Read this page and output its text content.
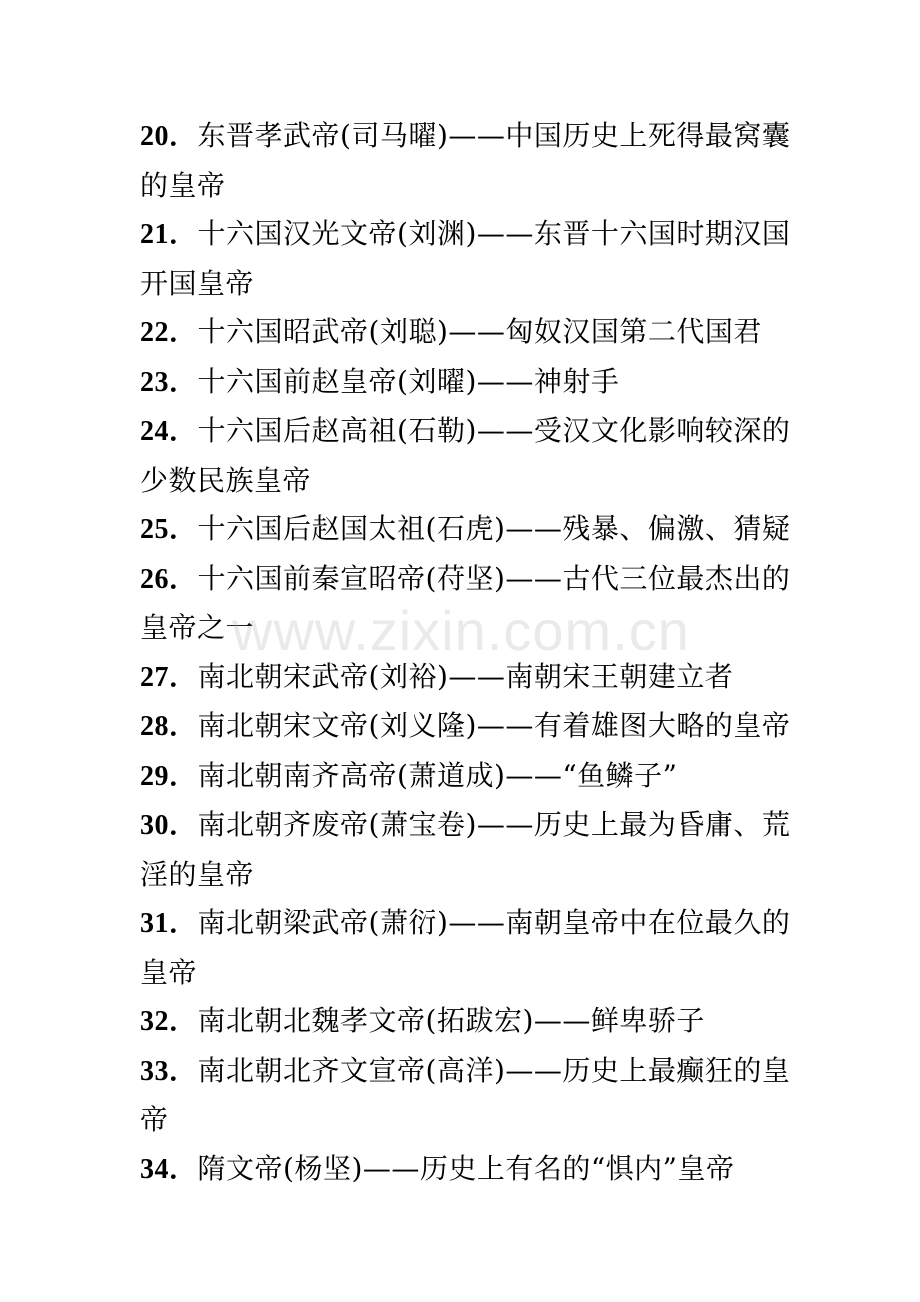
20．东晋孝武帝(司马曜)——中国历史上死得最窝囊
的皇帝
21．十六国汉光文帝(刘渊)——东晋十六国时期汉国
开国皇帝
22．十六国昭武帝(刘聪)——匈奴汉国第二代国君
23．十六国前赵皇帝(刘曜)——神射手
24．十六国后赵高祖(石勒)——受汉文化影响较深的
少数民族皇帝
25．十六国后赵国太祖(石虎)——残暴、偏激、猜疑
26．十六国前秦宣昭帝(苻坚)——古代三位最杰出的
皇帝之一
27．南北朝宋武帝(刘裕)——南朝宋王朝建立者
28．南北朝宋文帝(刘义隆)——有着雄图大略的皇帝
29．南北朝南齐高帝(萧道成)——“鱼鳞子”
30．南北朝齐废帝(萧宝卷)——历史上最为昏庸、荒
淫的皇帝
31．南北朝梁武帝(萧衍)——南朝皇帝中在位最久的
皇帝
32．南北朝北魏孝文帝(拓跋宏)——鲜卑骄子
33．南北朝北齐文宣帝(高洋)——历史上最癫狂的皇
帝
34．隋文帝(杨坚)——历史上有名的“惧内”皇帝
www.zixin.com.cn
